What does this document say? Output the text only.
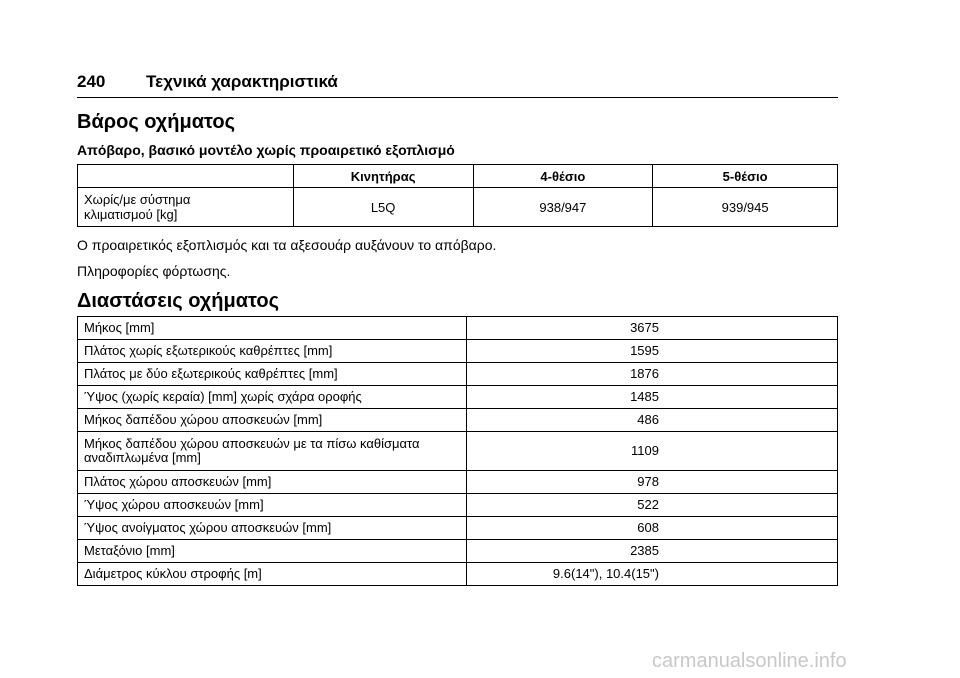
240 Τεχνικά χαρακτηριστικά
Βάρος οχήματος
Απόβαρο, βασικό μοντέλο χωρίς προαιρετικό εξοπλισμό
	Κινητήρας	4-θέσιο	5-θέσιο
Χωρίς/με σύστημα
κλιματισμού [kg]	L5Q	938/947	939/945
Ο προαιρετικός εξοπλισμός και τα αξεσουάρ αυξάνουν το απόβαρο.
Πληροφορίες φόρτωσης.
Διαστάσεις οχήματος
Μήκος [mm]	3675
Πλάτος χωρίς εξωτερικούς καθρέπτες [mm]	1595
Πλάτος με δύο εξωτερικούς καθρέπτες [mm]	1876
Ύψος (χωρίς κεραία) [mm] χωρίς σχάρα οροφής	1485
Μήκος δαπέδου χώρου αποσκευών [mm]	486
Μήκος δαπέδου χώρου αποσκευών με τα πίσω καθίσματα
αναδιπλωμένα [mm]	1109
Πλάτος χώρου αποσκευών [mm]	978
Ύψος χώρου αποσκευών [mm]	522
Ύψος ανοίγματος χώρου αποσκευών [mm]	608
Μεταξόνιο [mm]	2385
Διάμετρος κύκλου στροφής [m]	9.6(14"), 10.4(15")
carmanualsonline.info
